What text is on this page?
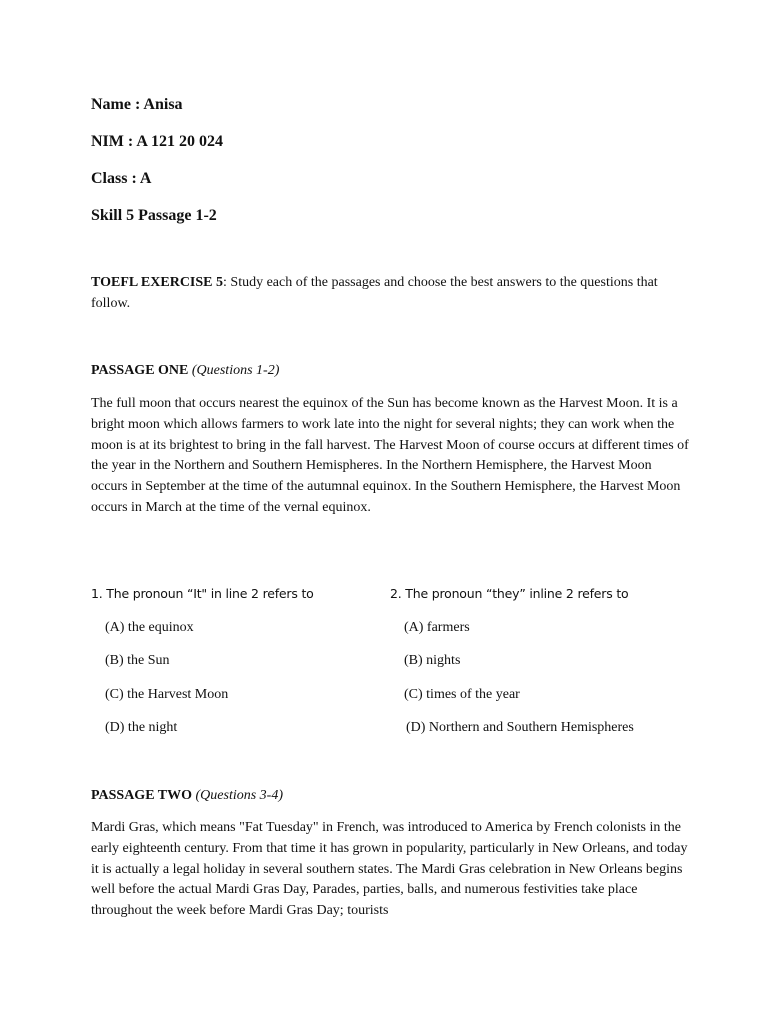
Name : Anisa
NIM : A 121 20 024
Class : A
Skill 5 Passage 1-2

TOEFL EXERCISE 5: Study each of the passages and choose the best answers to the questions that follow.

PASSAGE ONE (Questions 1-2)

The full moon that occurs nearest the equinox of the Sun has become known as the Harvest Moon. It is a bright moon which allows farmers to work late into the night for several nights; they can work when the moon is at its brightest to bring in the fall harvest. The Harvest Moon of course occurs at different times of the year in the Northern and Southern Hemispheres. In the Northern Hemisphere, the Harvest Moon occurs in September at the time of the autumnal equinox. In the Southern Hemisphere, the Harvest Moon occurs in March at the time of the vernal equinox.

1. The pronoun “It" in line 2 refers to
(A) the equinox
(B) the Sun
(C) the Harvest Moon
(D) the night
2. The pronoun “they” inline 2 refers to
(A) farmers
(B) nights
(C) times of the year
(D) Northern and Southern Hemispheres
PASSAGE TWO (Questions 3-4)

Mardi Gras, which means "Fat Tuesday" in French, was introduced to America by French colonists in the early eighteenth century. From that time it has grown in popularity, particularly in New Orleans, and today it is actually a legal holiday in several southern states. The Mardi Gras celebration in New Orleans begins well before the actual Mardi Gras Day, Parades, parties, balls, and numerous festivities take place throughout the week before Mardi Gras Day; tourists
